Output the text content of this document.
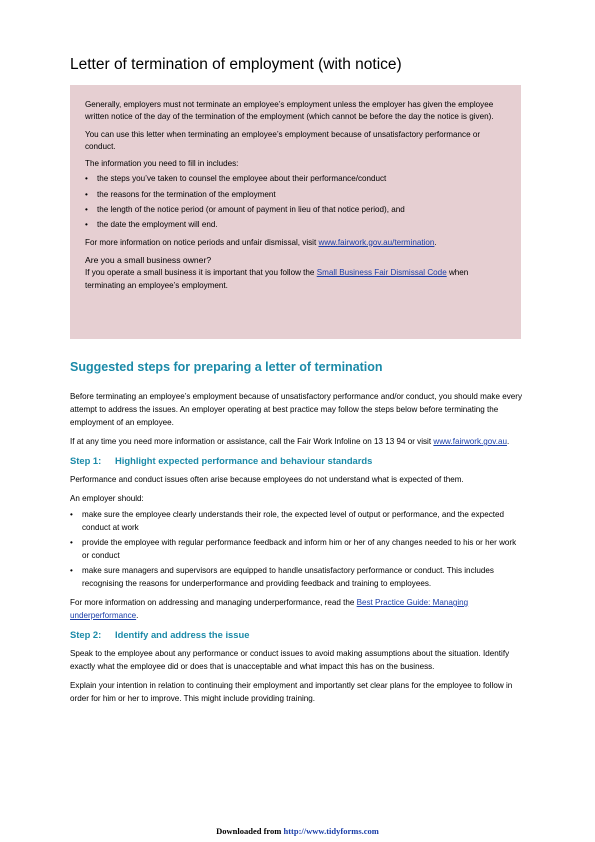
Letter of termination of employment (with notice)

Generally, employers must not terminate an employee’s employment unless the employer has given the employee written notice of the day of the termination of the employment (which cannot be before the day the notice is given).

You can use this letter when terminating an employee’s employment because of unsatisfactory performance or conduct.

The information you need to fill in includes:

• the steps you’ve taken to counsel the employee about their performance/conduct
• the reasons for the termination of the employment
• the length of the notice period (or amount of payment in lieu of that notice period), and
• the date the employment will end.

For more information on notice periods and unfair dismissal, visit www.fairwork.gov.au/termination.

Are you a small business owner?
If you operate a small business it is important that you follow the Small Business Fair Dismissal Code when terminating an employee’s employment.

Suggested steps for preparing a letter of termination

Before terminating an employee’s employment because of unsatisfactory performance and/or conduct, you should make every attempt to address the issues. An employer operating at best practice may follow the steps below before terminating the employment of an employee.

If at any time you need more information or assistance, call the Fair Work Infoline on 13 13 94 or visit www.fairwork.gov.au.

Step 1: Highlight expected performance and behaviour standards

Performance and conduct issues often arise because employees do not understand what is expected of them.

An employer should:

• make sure the employee clearly understands their role, the expected level of output or performance, and the expected conduct at work
• provide the employee with regular performance feedback and inform him or her of any changes needed to his or her work or conduct
• make sure managers and supervisors are equipped to handle unsatisfactory performance or conduct. This includes recognising the reasons for underperformance and providing feedback and training to employees.

For more information on addressing and managing underperformance, read the Best Practice Guide: Managing underperformance.

Step 2: Identify and address the issue

Speak to the employee about any performance or conduct issues to avoid making assumptions about the situation. Identify exactly what the employee did or does that is unacceptable and what impact this has on the business.

Explain your intention in relation to continuing their employment and importantly set clear plans for the employee to follow in order for him or her to improve. This might include providing training.

Downloaded from http://www.tidyforms.com
